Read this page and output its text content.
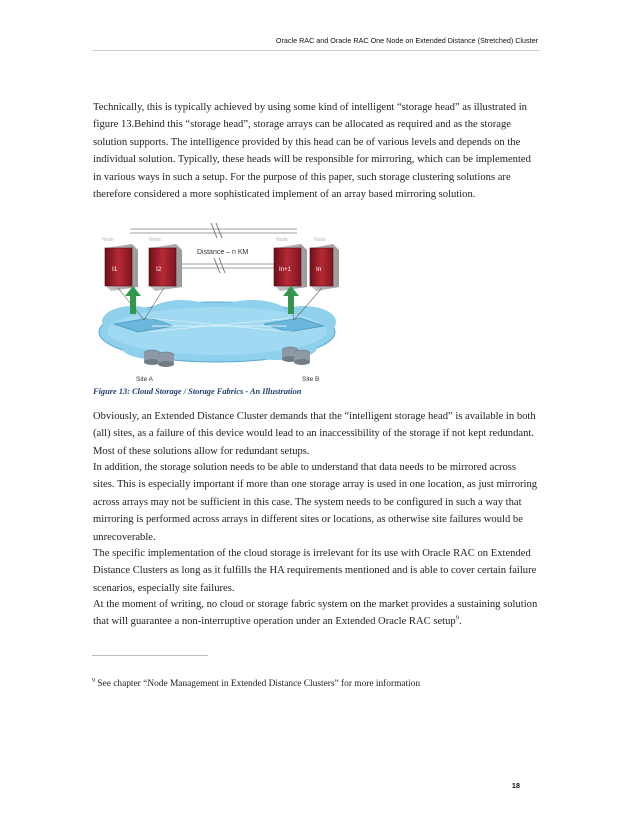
Oracle RAC and Oracle RAC One Node on Extended Distance (Stretched) Cluster

Technically, this is typically achieved by using some kind of intelligent “storage head” as illustrated in figure 13.Behind this “storage head”, storage arrays can be allocated as required and as the storage solution supports. The intelligence provided by this head can be of various levels and depends on the individual solution. Typically, these heads will be responsible for mirroring, which can be implemented in various ways in such a setup. For the purpose of this paper, such storage clustering solutions are therefore considered a more sophisticated implement of an array based mirroring solution.

Distance – n KM
Node	Node	Node	Node
I1	I2	In+1	In
Site A	Site B
Figure 13: Cloud Storage / Storage Fabrics - An Illustration

Obviously, an Extended Distance Cluster demands that the “intelligent storage head” is available in both (all) sites, as a failure of this device would lead to an inaccessibility of the storage if not kept redundant. Most of these solutions allow for redundant setups.

In addition, the storage solution needs to be able to understand that data needs to be mirrored across sites. This is especially important if more than one storage array is used in one location, as just mirroring across arrays may not be sufficient in this case. The system needs to be configured in such a way that mirroring is performed across arrays in different sites or locations, as otherwise site failures would be unrecoverable.

The specific implementation of the cloud storage is irrelevant for its use with Oracle RAC on Extended Distance Clusters as long as it fulfills the HA requirements mentioned and is able to cover certain failure scenarios, especially site failures.

At the moment of writing, no cloud or storage fabric system on the market provides a sustaining solution that will guarantee a non-interruptive operation under an Extended Oracle RAC setup$^9$.

$^9$ See chapter “Node Management in Extended Distance Clusters” for more information
18
